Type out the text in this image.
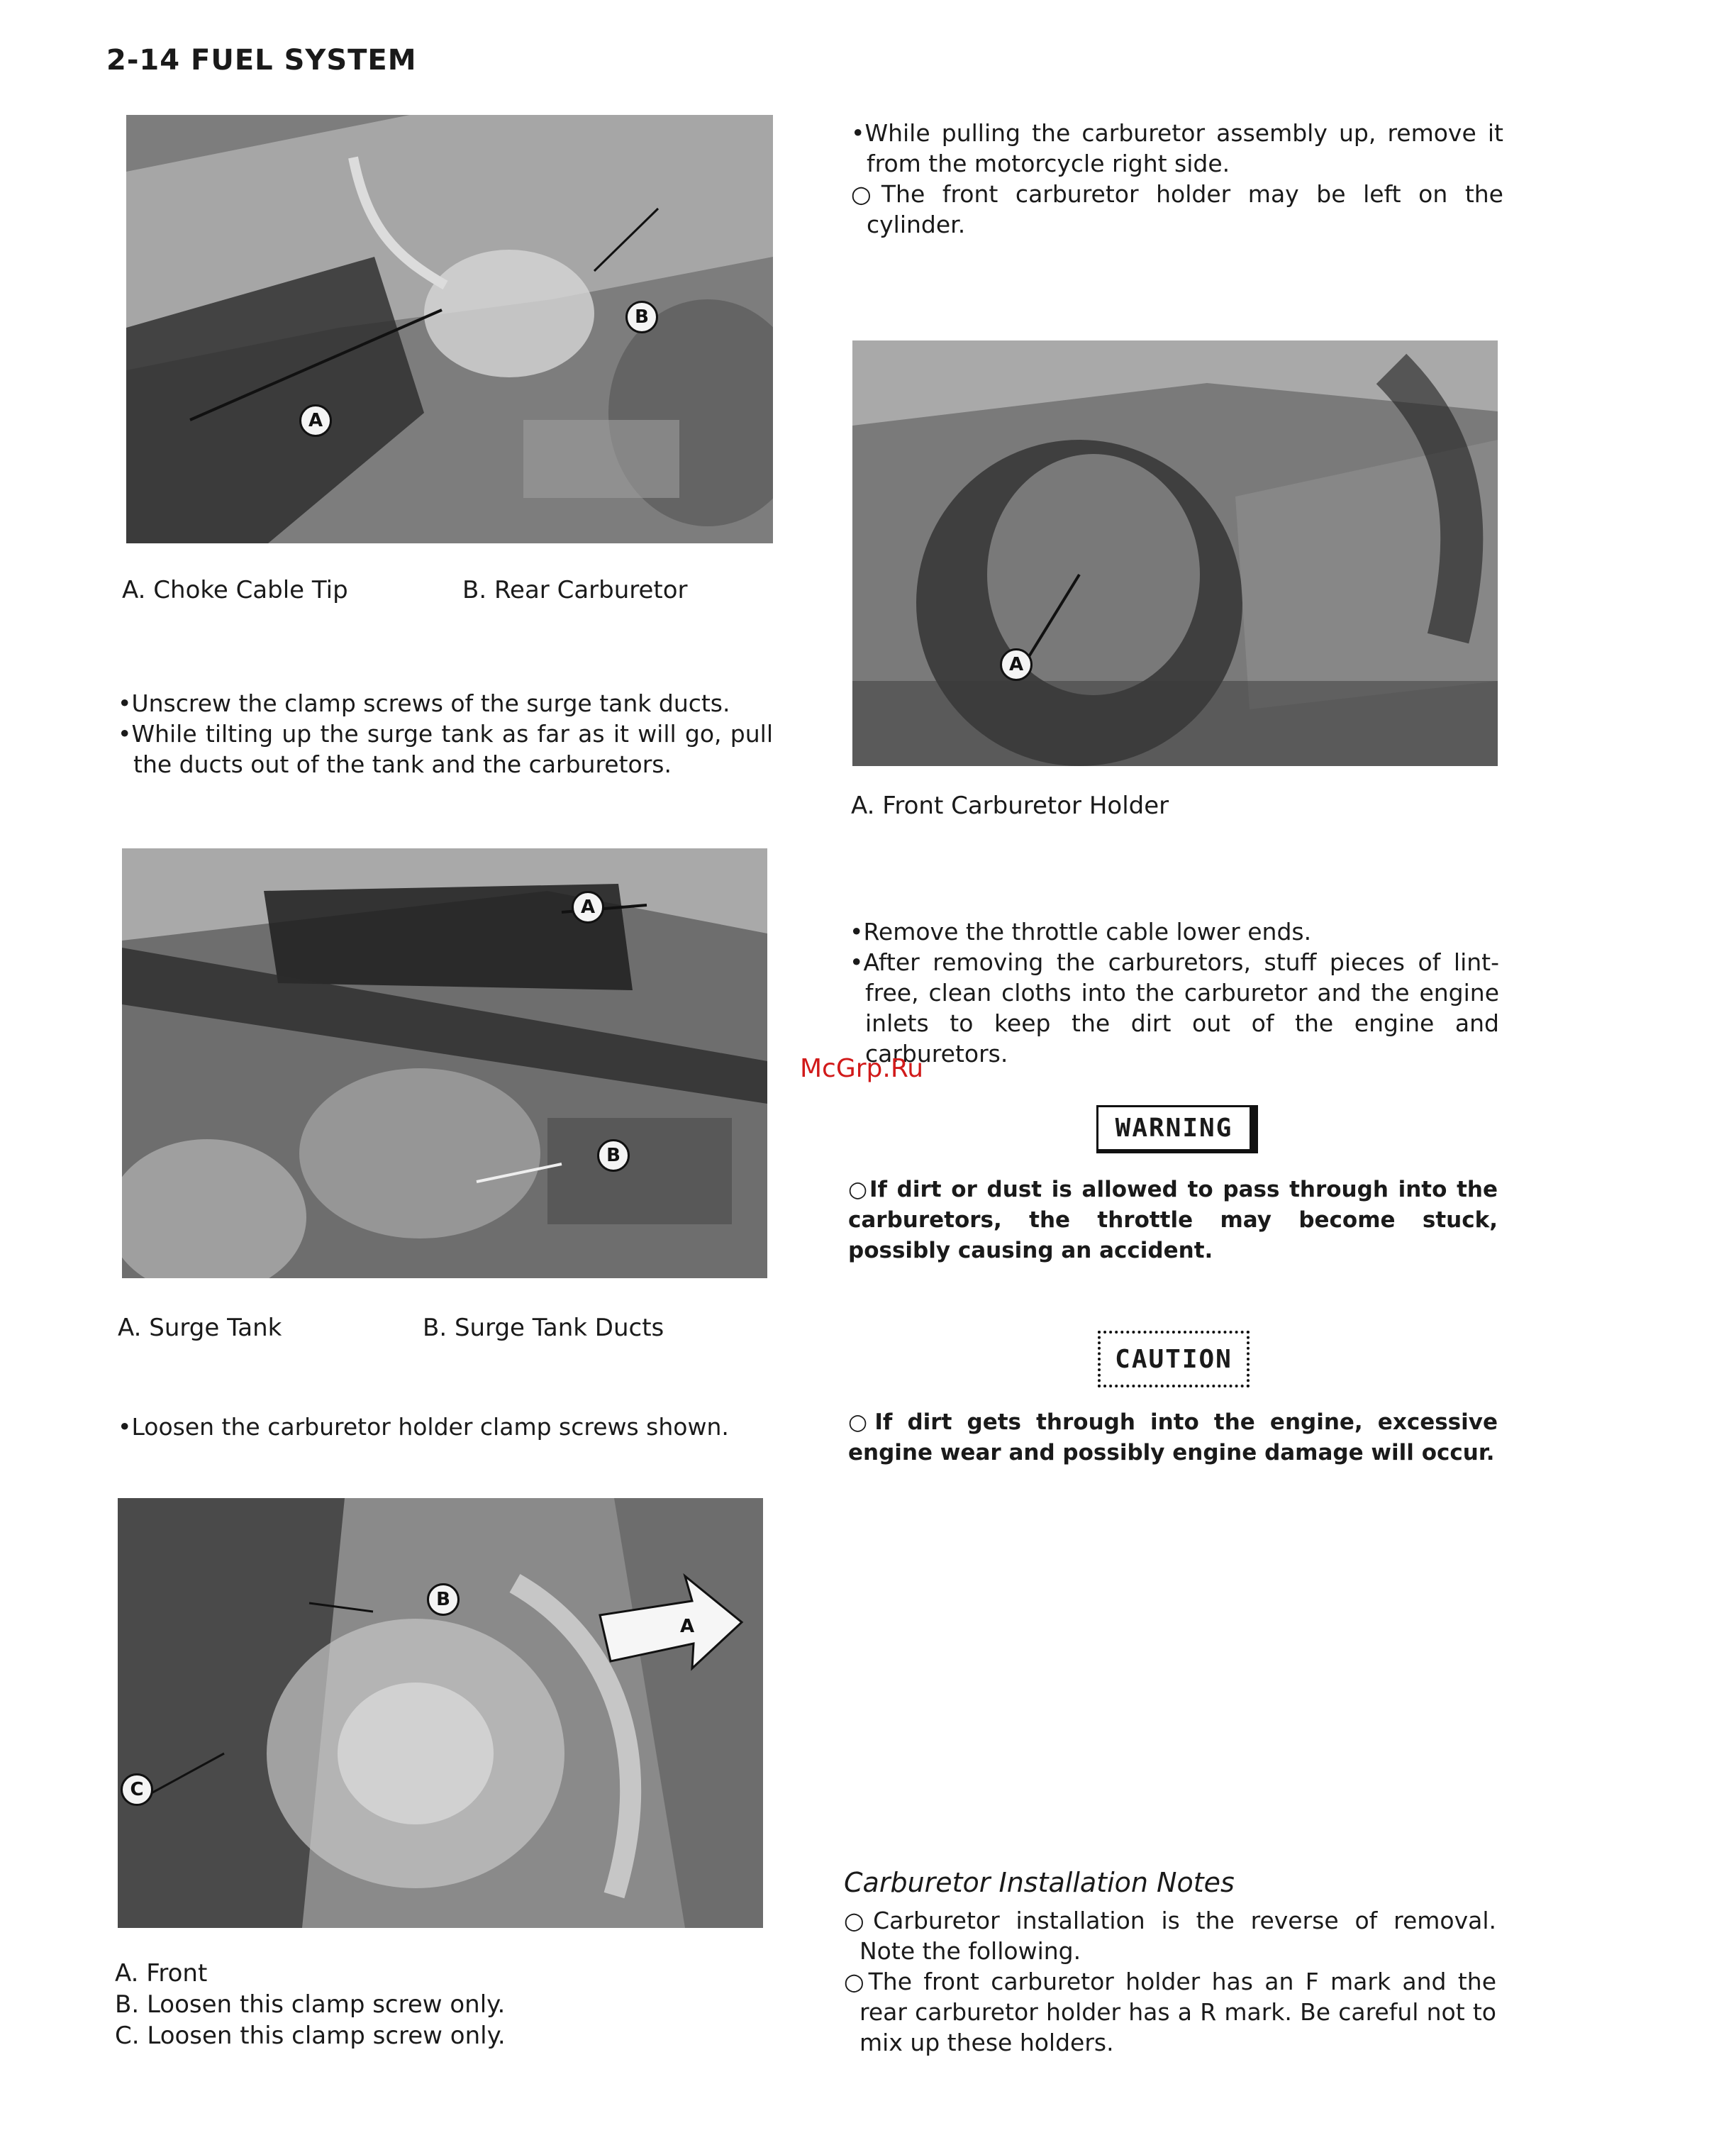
2-14 FUEL SYSTEM
A
B
A. Choke Cable Tip	B. Rear Carburetor

•Unscrew the clamp screws of the surge tank ducts.

•While tilting up the surge tank as far as it will go, pull the ducts out of the tank and the carburetors.

A
B
A. Surge Tank	B. Surge Tank Ducts

•Loosen the carburetor holder clamp screws shown.

A
B
C
A. Front
B. Loosen this clamp screw only.
C. Loosen this clamp screw only.

•While pulling the carburetor assembly up, remove it from the motorcycle right side.

○The front carburetor holder may be left on the cylinder.

A
A. Front Carburetor Holder

•Remove the throttle cable lower ends.

•After removing the carburetors, stuff pieces of lint-free, clean cloths into the carburetor and the engine inlets to keep the dirt out of the engine and carburetors.

McGrp.Ru
WARNING
○If dirt or dust is allowed to pass through into the carburetors, the throttle may become stuck, possibly causing an accident.
CAUTION
○If dirt gets through into the engine, excessive engine wear and possibly engine damage will occur.
Carburetor Installation Notes

○Carburetor installation is the reverse of removal. Note the following.

○The front carburetor holder has an F mark and the rear carburetor holder has a R mark. Be careful not to mix up these holders.
